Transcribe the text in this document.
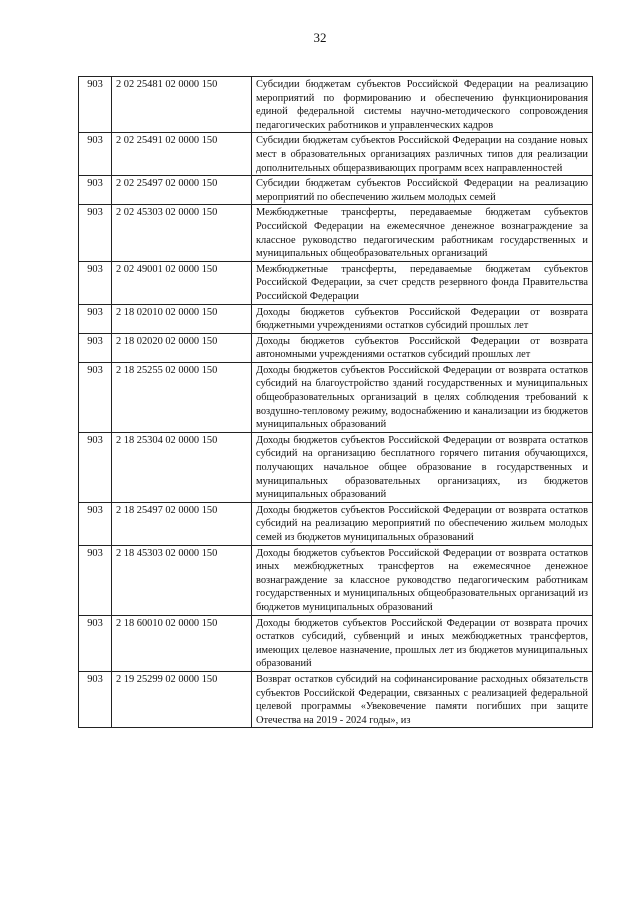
32
903	2 02 25481 02 0000 150	Субсидии бюджетам субъектов Российской Федерации на реализацию мероприятий по формированию и обеспечению функционирования единой федеральной системы научно-методического сопровождения педагогических работников и управленческих кадров
903	2 02 25491 02 0000 150	Субсидии бюджетам субъектов Российской Федерации на создание новых мест в образовательных организациях различных типов для реализации дополнительных общеразвивающих программ всех направленностей
903	2 02 25497 02 0000 150	Субсидии бюджетам субъектов Российской Федерации на реализацию мероприятий по обеспечению жильем молодых семей
903	2 02 45303 02 0000 150	Межбюджетные трансферты, передаваемые бюджетам субъектов Российской Федерации на ежемесячное денежное вознаграждение за классное руководство педагогическим работникам государственных и муниципальных общеобразовательных организаций
903	2 02 49001 02 0000 150	Межбюджетные трансферты, передаваемые бюджетам субъектов Российской Федерации, за счет средств резервного фонда Правительства Российской Федерации
903	2 18 02010 02 0000 150	Доходы бюджетов субъектов Российской Федерации от возврата бюджетными учреждениями остатков субсидий прошлых лет
903	2 18 02020 02 0000 150	Доходы бюджетов субъектов Российской Федерации от возврата автономными учреждениями остатков субсидий прошлых лет
903	2 18 25255 02 0000 150	Доходы бюджетов субъектов Российской Федерации от возврата остатков субсидий на благоустройство зданий государственных и муниципальных общеобразовательных организаций в целях соблюдения требований к воздушно-тепловому режиму, водоснабжению и канализации из бюджетов муниципальных образований
903	2 18 25304 02 0000 150	Доходы бюджетов субъектов Российской Федерации от возврата остатков субсидий на организацию бесплатного горячего питания обучающихся, получающих начальное общее образование в государственных и муниципальных образовательных организациях, из бюджетов муниципальных образований
903	2 18 25497 02 0000 150	Доходы бюджетов субъектов Российской Федерации от возврата остатков субсидий на реализацию мероприятий по обеспечению жильем молодых семей из бюджетов муниципальных образований
903	2 18 45303 02 0000 150	Доходы бюджетов субъектов Российской Федерации от возврата остатков иных межбюджетных трансфертов на ежемесячное денежное вознаграждение за классное руководство педагогическим работникам государственных и муниципальных общеобразовательных организаций из бюджетов муниципальных образований
903	2 18 60010 02 0000 150	Доходы бюджетов субъектов Российской Федерации от возврата прочих остатков субсидий, субвенций и иных межбюджетных трансфертов, имеющих целевое назначение, прошлых лет из бюджетов муниципальных образований
903	2 19 25299 02 0000 150	Возврат остатков субсидий на софинансирование расходных обязательств субъектов Российской Федерации, связанных с реализацией федеральной целевой программы «Увековечение памяти погибших при защите Отечества на 2019 - 2024 годы», из
